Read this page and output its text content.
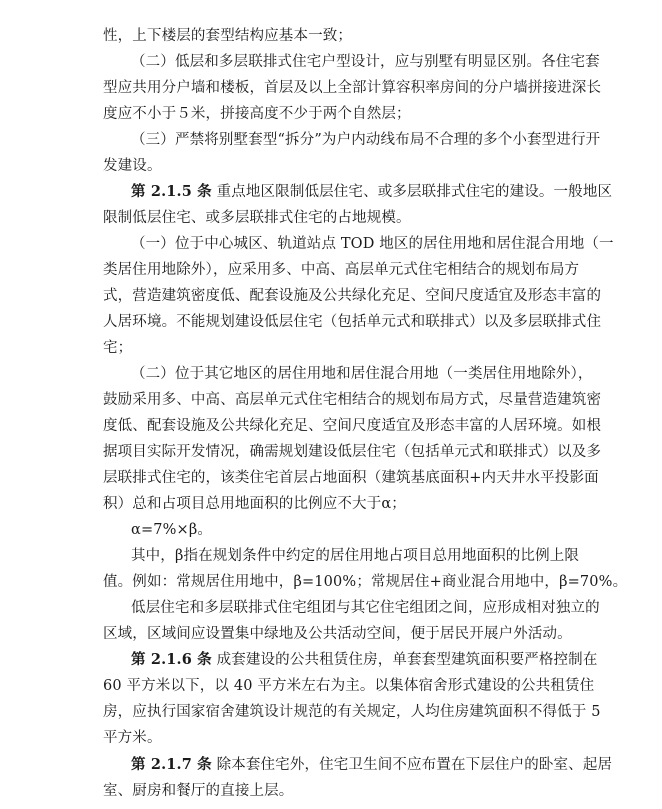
性，上下楼层的套型结构应基本一致；
（二）低层和多层联排式住宅户型设计，应与别墅有明显区别。各住宅套
型应共用分户墙和楼板，首层及以上全部计算容积率房间的分户墙拼接进深长
度应不小于５米，拼接高度不少于两个自然层；
（三）严禁将别墅套型“拆分”为户内动线布局不合理的多个小套型进行开
发建设。
第 2.1.5 条 重点地区限制低层住宅、或多层联排式住宅的建设。一般地区
限制低层住宅、或多层联排式住宅的占地规模。
（一）位于中心城区、轨道站点 TOD 地区的居住用地和居住混合用地（一
类居住用地除外），应采用多、中高、高层单元式住宅相结合的规划布局方
式，营造建筑密度低、配套设施及公共绿化充足、空间尺度适宜及形态丰富的
人居环境。不能规划建设低层住宅（包括单元式和联排式）以及多层联排式住
宅；
（二）位于其它地区的居住用地和居住混合用地（一类居住用地除外），
鼓励采用多、中高、高层单元式住宅相结合的规划布局方式，尽量营造建筑密
度低、配套设施及公共绿化充足、空间尺度适宜及形态丰富的人居环境。如根
据项目实际开发情况，确需规划建设低层住宅（包括单元式和联排式）以及多
层联排式住宅的，该类住宅首层占地面积（建筑基底面积+内天井水平投影面
积）总和占项目总用地面积的比例应不大于α；
α=7%×β。
其中，β指在规划条件中约定的居住用地占项目总用地面积的比例上限
值。例如：常规居住用地中，β=100%；常规居住+商业混合用地中，β=70%。
低层住宅和多层联排式住宅组团与其它住宅组团之间，应形成相对独立的
区域，区域间应设置集中绿地及公共活动空间，便于居民开展户外活动。
第 2.1.6 条 成套建设的公共租赁住房，单套套型建筑面积要严格控制在
60 平方米以下，以 40 平方米左右为主。以集体宿舍形式建设的公共租赁住
房，应执行国家宿舍建筑设计规范的有关规定，人均住房建筑面积不得低于 5
平方米。
第 2.1.7 条 除本套住宅外，住宅卫生间不应布置在下层住户的卧室、起居
室、厨房和餐厅的直接上层。
